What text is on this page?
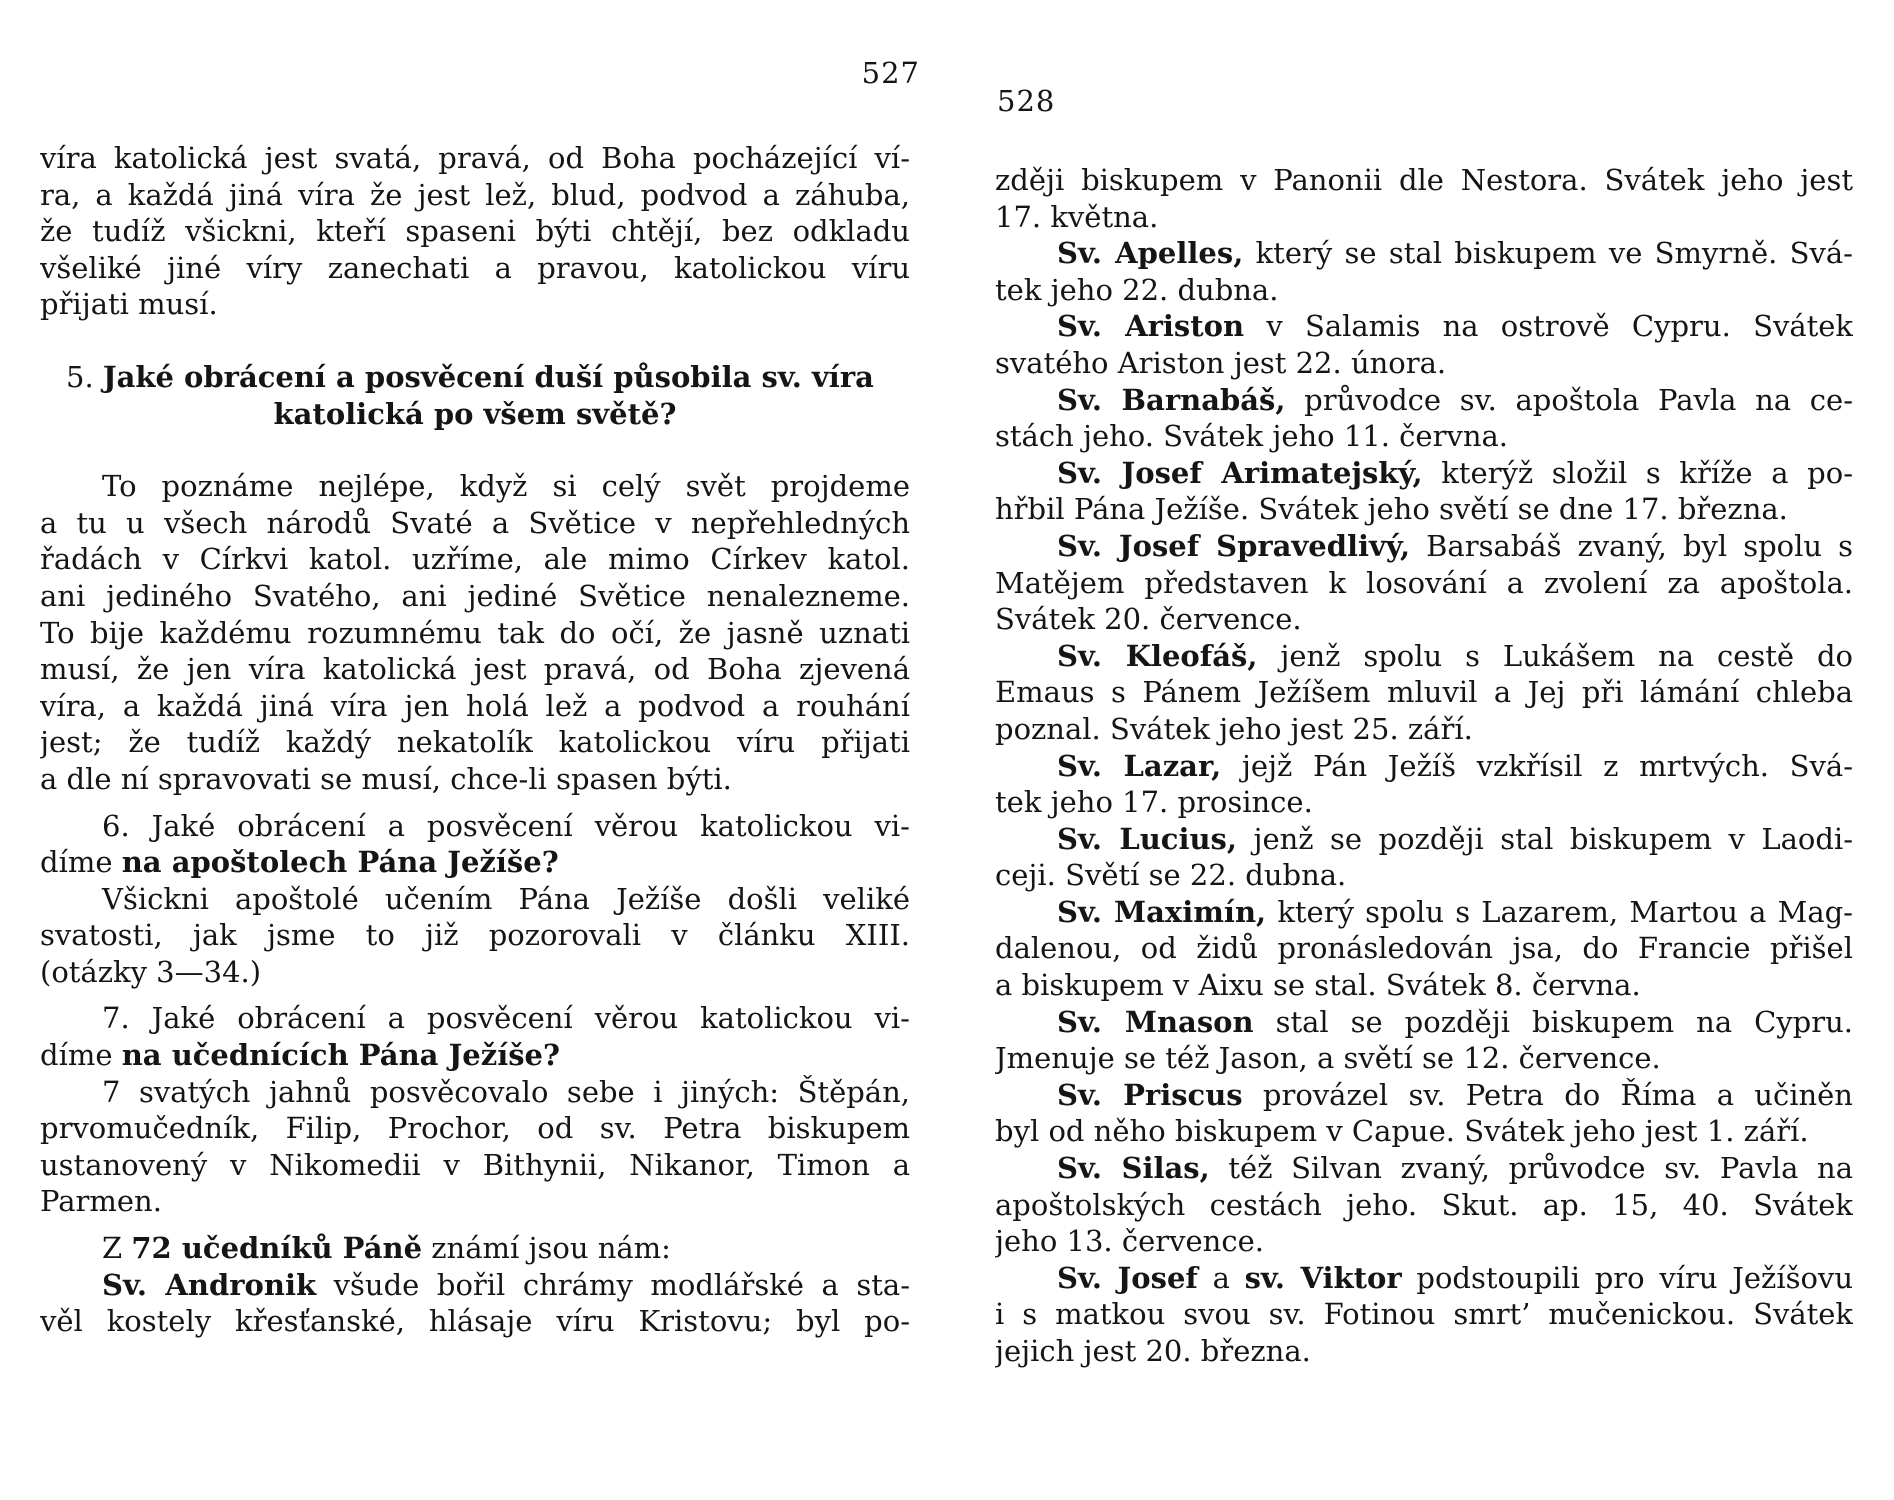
527
víra katolická jest svatá, pravá, od Boha pocházející ví-
ra, a každá jiná víra že jest lež, blud, podvod a záhuba,
že tudíž všickni, kteří spaseni býti chtějí, bez odkladu
všeliké jiné víry zanechati a pravou, katolickou víru
přijati musí.
5. Jaké obrácení a posvěcení duší působila sv. víra
katolická po všem světě?
To poznáme nejlépe, když si celý svět projdeme
a tu u všech národů Svaté a Světice v nepřehledných
řadách v Církvi katol. uzříme, ale mimo Církev katol.
ani jediného Svatého, ani jediné Světice nenalezneme.
To bije každému rozumnému tak do očí, že jasně uznati
musí, že jen víra katolická jest pravá, od Boha zjevená
víra, a každá jiná víra jen holá lež a podvod a rouhání
jest; že tudíž každý nekatolík katolickou víru přijati
a dle ní spravovati se musí, chce-li spasen býti.
6. Jaké obrácení a posvěcení věrou katolickou vi-
díme na apoštolech Pána Ježíše?
Všickni apoštolé učením Pána Ježíše došli veliké
svatosti, jak jsme to již pozorovali v článku XIII.
(otázky 3—34.)
7. Jaké obrácení a posvěcení věrou katolickou vi-
díme na učednících Pána Ježíše?
7 svatých jahnů posvěcovalo sebe i jiných: Štěpán,
prvomučedník, Filip, Prochor, od sv. Petra biskupem
ustanovený v Nikomedii v Bithynii, Nikanor, Timon a
Parmen.
Z 72 učedníků Páně známí jsou nám:
Sv. Andronik všude bořil chrámy modlářské a sta-
věl kostely křesťanské, hlásaje víru Kristovu; byl po-
528
zději biskupem v Panonii dle Nestora. Svátek jeho jest
17. května.
Sv. Apelles, který se stal biskupem ve Smyrně. Svá-
tek jeho 22. dubna.
Sv. Ariston v Salamis na ostrově Cypru. Svátek
svatého Ariston jest 22. února.
Sv. Barnabáš, průvodce sv. apoštola Pavla na ce-
stách jeho. Svátek jeho 11. června.
Sv. Josef Arimatejský, kterýž složil s kříže a po-
hřbil Pána Ježíše. Svátek jeho světí se dne 17. března.
Sv. Josef Spravedlivý, Barsabáš zvaný, byl spolu s
Matějem představen k losování a zvolení za apoštola.
Svátek 20. července.
Sv. Kleofáš, jenž spolu s Lukášem na cestě do
Emaus s Pánem Ježíšem mluvil a Jej při lámání chleba
poznal. Svátek jeho jest 25. září.
Sv. Lazar, jejž Pán Ježíš vzkřísil z mrtvých. Svá-
tek jeho 17. prosince.
Sv. Lucius, jenž se později stal biskupem v Laodi-
ceji. Světí se 22. dubna.
Sv. Maximín, který spolu s Lazarem, Martou a Mag-
dalenou, od židů pronásledován jsa, do Francie přišel
a biskupem v Aixu se stal. Svátek 8. června.
Sv. Mnason stal se později biskupem na Cypru.
Jmenuje se též Jason, a světí se 12. července.
Sv. Priscus provázel sv. Petra do Říma a učiněn
byl od něho biskupem v Capue. Svátek jeho jest 1. září.
Sv. Silas, též Silvan zvaný, průvodce sv. Pavla na
apoštolských cestách jeho. Skut. ap. 15, 40. Svátek
jeho 13. července.
Sv. Josef a sv. Viktor podstoupili pro víru Ježíšovu
i s matkou svou sv. Fotinou smrt’ mučenickou. Svátek
jejich jest 20. března.
